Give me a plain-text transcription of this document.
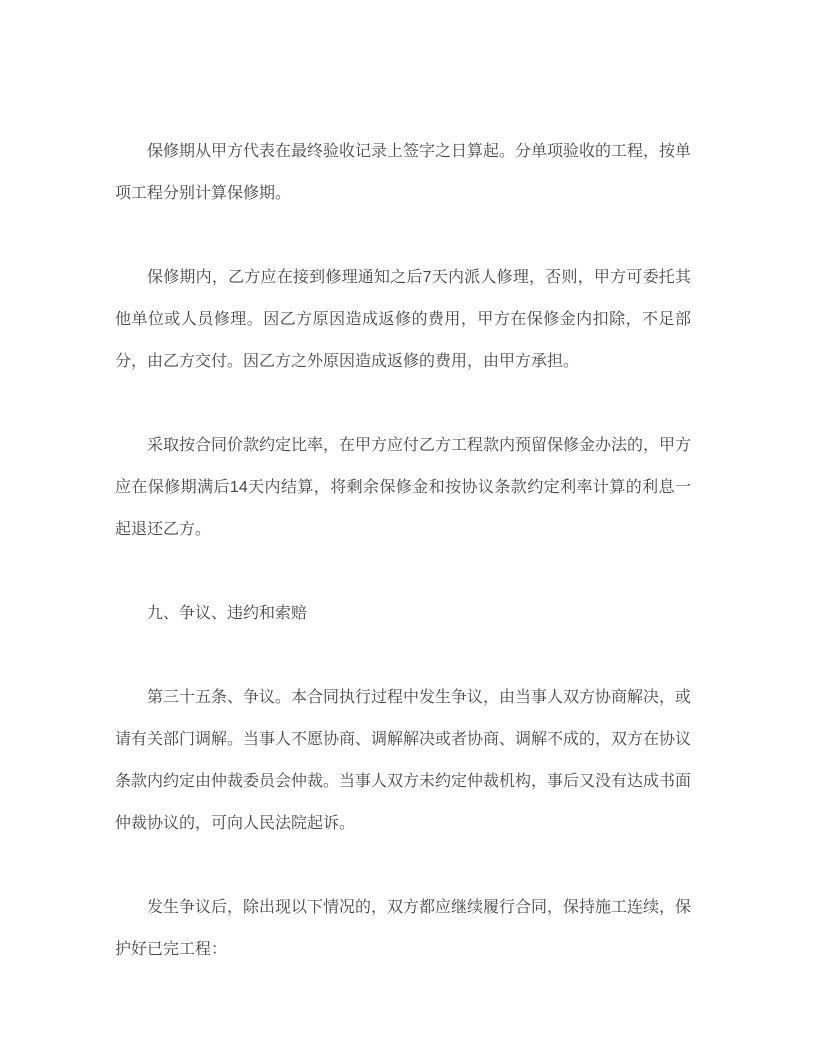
保修期从甲方代表在最终验收记录上签字之日算起。分单项验收的工程，按单项工程分别计算保修期。

保修期内，乙方应在接到修理通知之后7天内派人修理，否则，甲方可委托其他单位或人员修理。因乙方原因造成返修的费用，甲方在保修金内扣除，不足部分，由乙方交付。因乙方之外原因造成返修的费用，由甲方承担。

采取按合同价款约定比率，在甲方应付乙方工程款内预留保修金办法的，甲方应在保修期满后14天内结算，将剩余保修金和按协议条款约定利率计算的利息一起退还乙方。

九、争议、违约和索赔

第三十五条、争议。本合同执行过程中发生争议，由当事人双方协商解决，或请有关部门调解。当事人不愿协商、调解解决或者协商、调解不成的，双方在协议条款内约定由仲裁委员会仲裁。当事人双方未约定仲裁机构，事后又没有达成书面仲裁协议的，可向人民法院起诉。

发生争议后，除出现以下情况的，双方都应继续履行合同，保持施工连续，保护好已完工程：
